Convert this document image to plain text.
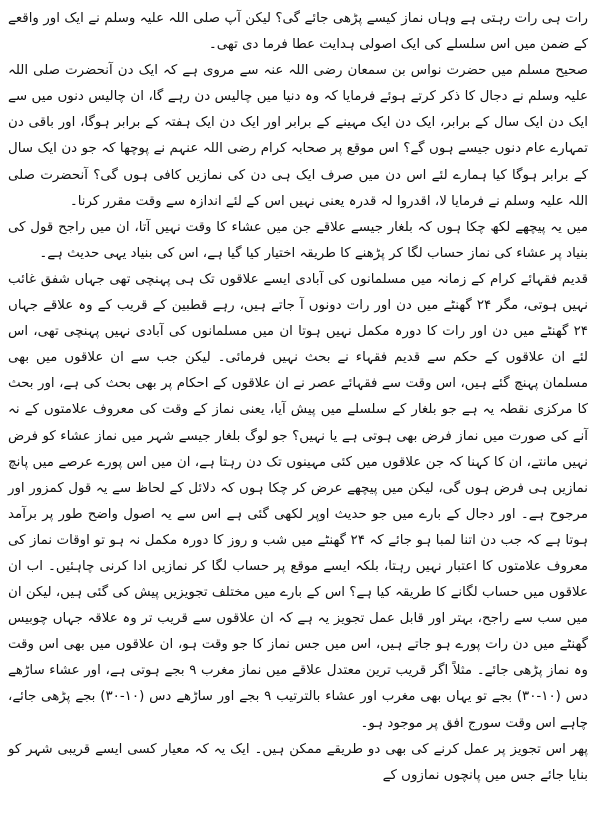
رات ہی رات رہتی ہے وہاں نماز کیسے پڑھی جائے گی؟ لیکن آپ صلی اللہ علیہ وسلم نے ایک اور واقعے کے ضمن میں اس سلسلے کی ایک اصولی ہدایت عطا فرما دی تھی۔

صحیح مسلم میں حضرت نواس بن سمعان رضی اللہ عنہ سے مروی ہے کہ ایک دن آنحضرت صلی اللہ علیہ وسلم نے دجال کا ذکر کرتے ہوئے فرمایا کہ وہ دنیا میں چالیس دن رہے گا، ان چالیس دنوں میں سے ایک دن ایک سال کے برابر، ایک دن ایک مہینے کے برابر اور ایک دن ایک ہفتہ کے برابر ہوگا، اور باقی دن تمہارے عام دنوں جیسے ہوں گے؟ اس موقع پر صحابہ کرام رضی اللہ عنہم نے پوچھا کہ جو دن ایک سال کے برابر ہوگا کیا ہمارے لئے اس دن میں صرف ایک ہی دن کی نمازیں کافی ہوں گی؟ آنحضرت صلی اللہ علیہ وسلم نے فرمایا لا، اقدروا لہ قدرہ یعنی نہیں اس کے لئے اندازہ سے وقت مقرر کرنا۔

میں یہ پیچھے لکھ چکا ہوں کہ بلغار جیسے علاقے جن میں عشاء کا وقت نہیں آتا، ان میں راجح قول کی بنیاد پر عشاء کی نماز حساب لگا کر پڑھنے کا طریقہ اختیار کیا گیا ہے، اس کی بنیاد یہی حدیث ہے۔

قدیم فقہائے کرام کے زمانہ میں مسلمانوں کی آبادی ایسے علاقوں تک ہی پہنچی تھی جہاں شفق غائب نہیں ہوتی، مگر ۲۴ گھنٹے میں دن اور رات دونوں آ جاتے ہیں، رہے قطبین کے قریب کے وہ علاقے جہاں ۲۴ گھنٹے میں دن اور رات کا دورہ مکمل نہیں ہوتا ان میں مسلمانوں کی آبادی نہیں پہنچی تھی، اس لئے ان علاقوں کے حکم سے قدیم فقہاء نے بحث نہیں فرمائی۔ لیکن جب سے ان علاقوں میں بھی مسلمان پہنچ گئے ہیں، اس وقت سے فقہائے عصر نے ان علاقوں کے احکام پر بھی بحث کی ہے، اور بحث کا مرکزی نقطہ یہ ہے جو بلغار کے سلسلے میں پیش آیا، یعنی نماز کے وقت کی معروف علامتوں کے نہ آنے کی صورت میں نماز فرض بھی ہوتی ہے یا نہیں؟ جو لوگ بلغار جیسے شہر میں نماز عشاء کو فرض نہیں مانتے، ان کا کہنا کہ جن علاقوں میں کئی مہینوں تک دن رہتا ہے، ان میں اس پورے عرصے میں پانچ نمازیں ہی فرض ہوں گی، لیکن میں پیچھے عرض کر چکا ہوں کہ دلائل کے لحاظ سے یہ قول کمزور اور مرجوح ہے۔ اور دجال کے بارے میں جو حدیث اوپر لکھی گئی ہے اس سے یہ اصول واضح طور پر برآمد ہوتا ہے کہ جب دن اتنا لمبا ہو جائے کہ ۲۴ گھنٹے میں شب و روز کا دورہ مکمل نہ ہو تو اوقات نماز کی معروف علامتوں کا اعتبار نہیں رہتا، بلکہ ایسے موقع پر حساب لگا کر نمازیں ادا کرنی چاہئیں۔ اب ان علاقوں میں حساب لگانے کا طریقہ کیا ہے؟ اس کے بارے میں مختلف تجویزیں پیش کی گئی ہیں، لیکن ان میں سب سے راجح، بہتر اور قابل عمل تجویز یہ ہے کہ ان علاقوں سے قریب تر وہ علاقہ جہاں چوبیس گھنٹے میں دن رات پورے ہو جاتے ہیں، اس میں جس نماز کا جو وقت ہو، ان علاقوں میں بھی اس وقت وہ نماز پڑھی جائے۔ مثلاً اگر قریب ترین معتدل علاقے میں نماز مغرب ۹ بجے ہوتی ہے، اور عشاء ساڑھے دس (۱۰-۳۰) بجے تو یہاں بھی مغرب اور عشاء بالترتیب ۹ بجے اور ساڑھے دس (۱۰-۳۰) بجے پڑھی جائے، چاہے اس وقت سورج افق پر موجود ہو۔

پھر اس تجویز پر عمل کرنے کی بھی دو طریقے ممکن ہیں۔ ایک یہ کہ معیار کسی ایسے قریبی شہر کو بنایا جائے جس میں پانچوں نمازوں کے
